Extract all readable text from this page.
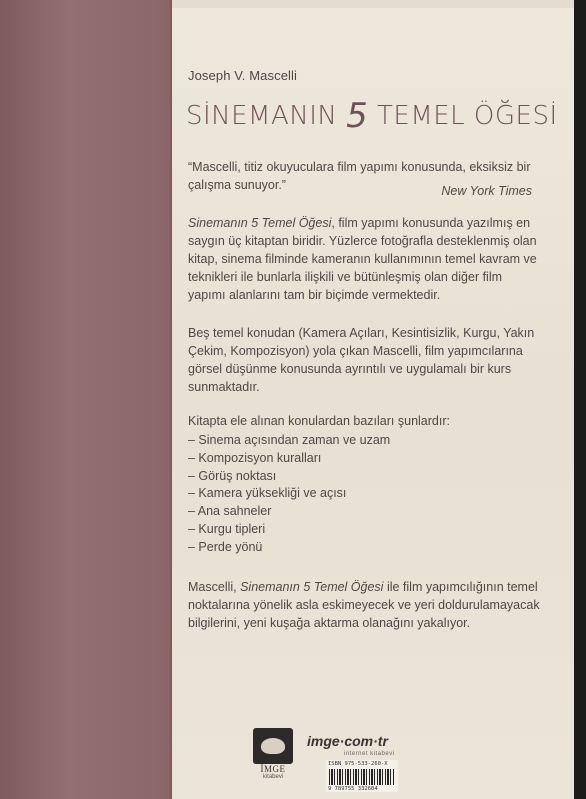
Joseph V. Mascelli
SİNEMANIN 5 TEMEL ÖĞESİ
“Mascelli, titiz okuyuculara film yapımı konusunda, eksiksiz bir çalışma sunuyor.”	New York Times
Sinemanın 5 Temel Öğesi, film yapımı konusunda yazılmış en saygın üç kitaptan biridir. Yüzlerce fotoğrafla desteklenmiş olan kitap, sinema filminde kameranın kullanımının temel kavram ve teknikleri ile bunlarla ilişkili ve bütünleşmiş olan diğer film yapımı alanlarını tam bir biçimde vermektedir.
Beş temel konudan (Kamera Açıları, Kesintisizlik, Kurgu, Yakın Çekim, Kompozisyon) yola çıkan Mascelli, film yapımcılarına görsel düşünme konusunda ayrıntılı ve uygulamalı bir kurs sunmaktadır.
Kitapta ele alınan konulardan bazıları şunlardır:
– Sinema açısından zaman ve uzam
– Kompozisyon kuralları
– Görüş noktası
– Kamera yüksekliği ve açısı
– Ana sahneler
– Kurgu tipleri
– Perde yönü
Mascelli, Sinemanın 5 Temel Öğesi ile film yapımcılığının temel noktalarına yönelik asla eskimeyecek ve yeri doldurulamayacak bilgilerini, yeni kuşağa aktarma olanağını yakalıyor.
İMGE
kitabevi
imge·com·tr
internet kitabevi
ISBN 975-533-260-X
9 789755 332604
